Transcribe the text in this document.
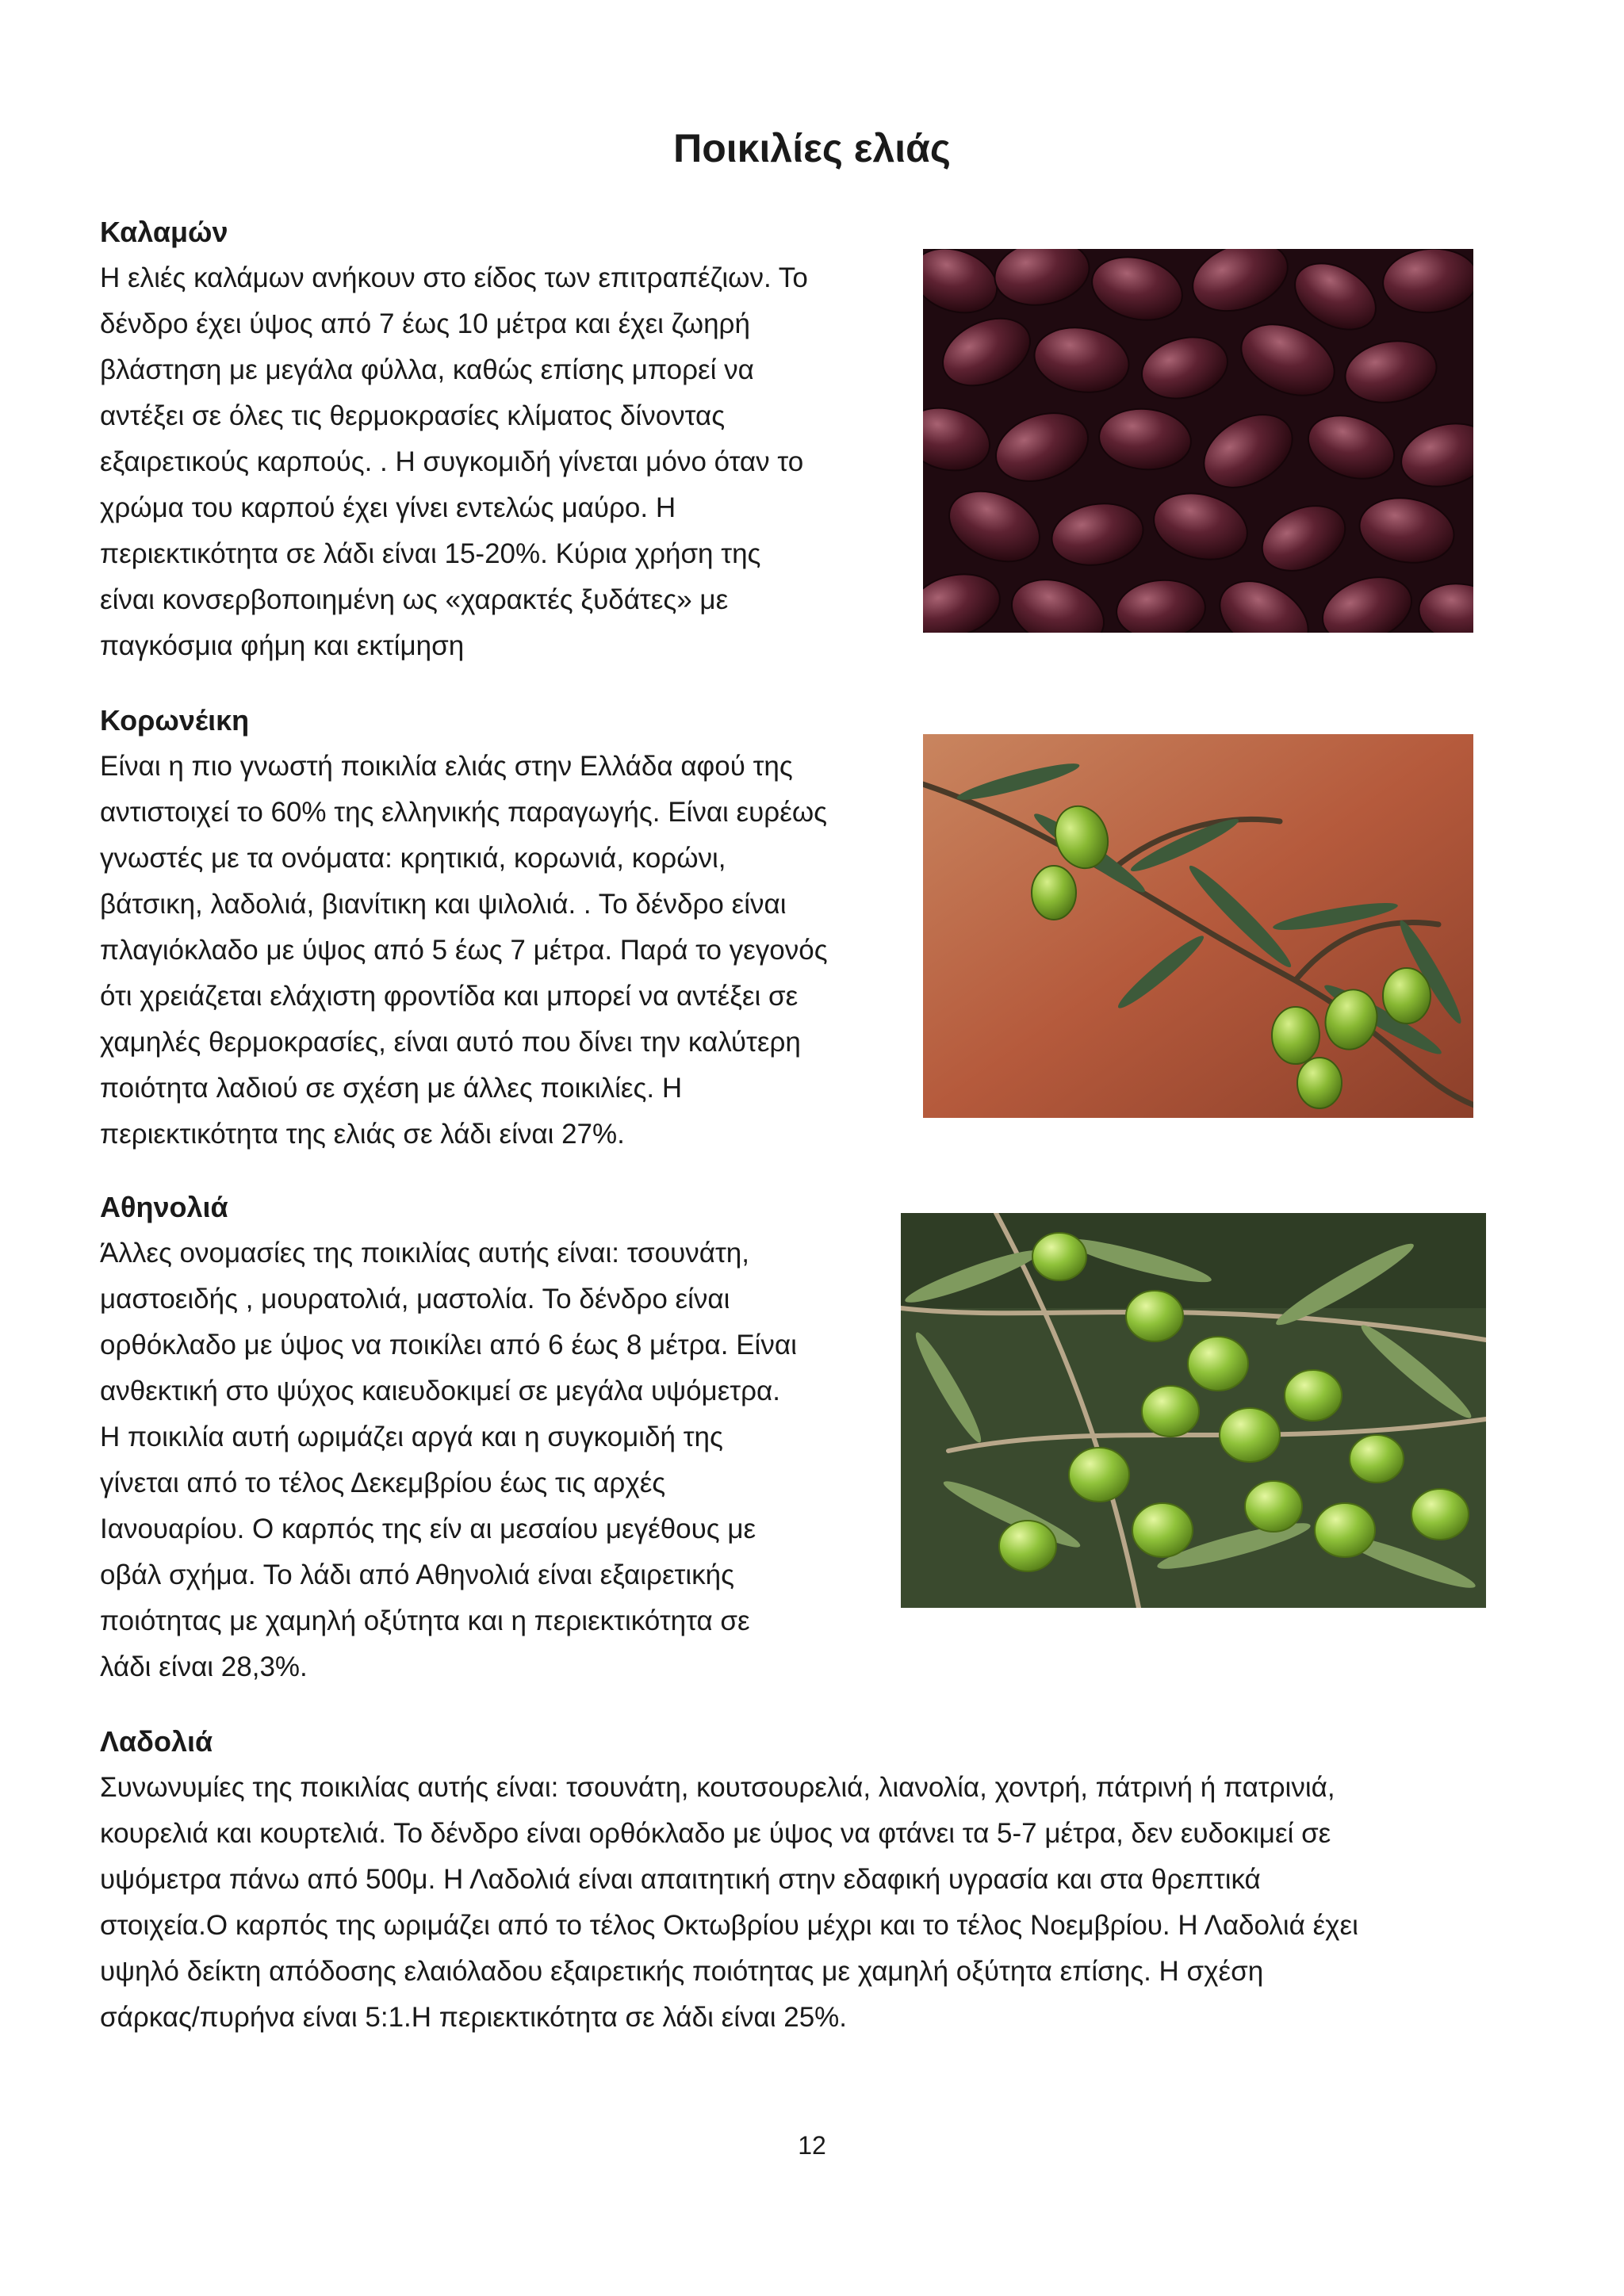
Ποικιλίες ελιάς
Καλαμών
Η ελιές καλάμων ανήκουν στο είδος των επιτραπέζιων. Το
δένδρο έχει ύψος από 7 έως 10 μέτρα και έχει ζωηρή
βλάστηση με μεγάλα φύλλα, καθώς επίσης μπορεί να
αντέξει σε όλες τις θερμοκρασίες κλίματος δίνοντας
εξαιρετικούς καρπούς. . Η συγκομιδή γίνεται μόνο όταν το
χρώμα του καρπού έχει γίνει εντελώς μαύρο. Η
περιεκτικότητα σε λάδι είναι 15-20%. Κύρια χρήση της
είναι κονσερβοποιημένη ως «χαρακτές ξυδάτες» με
παγκόσμια φήμη και εκτίμηση
Κορωνέικη
Είναι η πιο γνωστή ποικιλία ελιάς στην Ελλάδα αφού της
αντιστοιχεί το 60% της ελληνικής παραγωγής. Είναι ευρέως
γνωστές με τα ονόματα: κρητικιά, κορωνιά, κορώνι,
βάτσικη, λαδολιά, βιανίτικη και ψιλολιά. . Το δένδρο είναι
πλαγιόκλαδο με ύψος από 5 έως 7 μέτρα. Παρά το γεγονός
ότι χρειάζεται ελάχιστη φροντίδα και μπορεί να αντέξει σε
χαμηλές θερμοκρασίες, είναι αυτό που δίνει την καλύτερη
ποιότητα λαδιού σε σχέση με άλλες ποικιλίες. Η
περιεκτικότητα της ελιάς σε λάδι είναι 27%.
Αθηνολιά
Άλλες ονομασίες της ποικιλίας αυτής είναι: τσουνάτη,
μαστοειδής , μουρατολιά, μαστολία. Το δένδρο είναι
ορθόκλαδο με ύψος να ποικίλει από 6 έως 8 μέτρα. Είναι
ανθεκτική στο ψύχος καιευδοκιμεί σε μεγάλα υψόμετρα.
Η ποικιλία αυτή ωριμάζει αργά και η συγκομιδή της
γίνεται από το τέλος Δεκεμβρίου έως τις αρχές
Ιανουαρίου. Ο καρπός της είν αι μεσαίου μεγέθους με
οβάλ σχήμα. Το λάδι από Αθηνολιά είναι εξαιρετικής
ποιότητας με χαμηλή οξύτητα και η περιεκτικότητα σε
λάδι είναι 28,3%.
Λαδολιά
Συνωνυμίες της ποικιλίας αυτής είναι: τσουνάτη, κουτσουρελιά, λιανολία, χοντρή, πάτρινή ή πατρινιά,
κουρελιά και κουρτελιά. Το δένδρο είναι ορθόκλαδο με ύψος να φτάνει τα 5-7 μέτρα, δεν ευδοκιμεί σε
υψόμετρα πάνω από 500μ. Η Λαδολιά είναι απαιτητική στην εδαφική υγρασία και στα θρεπτικά
στοιχεία.Ο καρπός της ωριμάζει από το τέλος Οκτωβρίου μέχρι και το τέλος Νοεμβρίου. Η Λαδολιά έχει
υψηλό δείκτη απόδοσης ελαιόλαδου εξαιρετικής ποιότητας με χαμηλή οξύτητα επίσης. Η σχέση
σάρκας/πυρήνα είναι 5:1.Η περιεκτικότητα σε λάδι είναι 25%.

12
